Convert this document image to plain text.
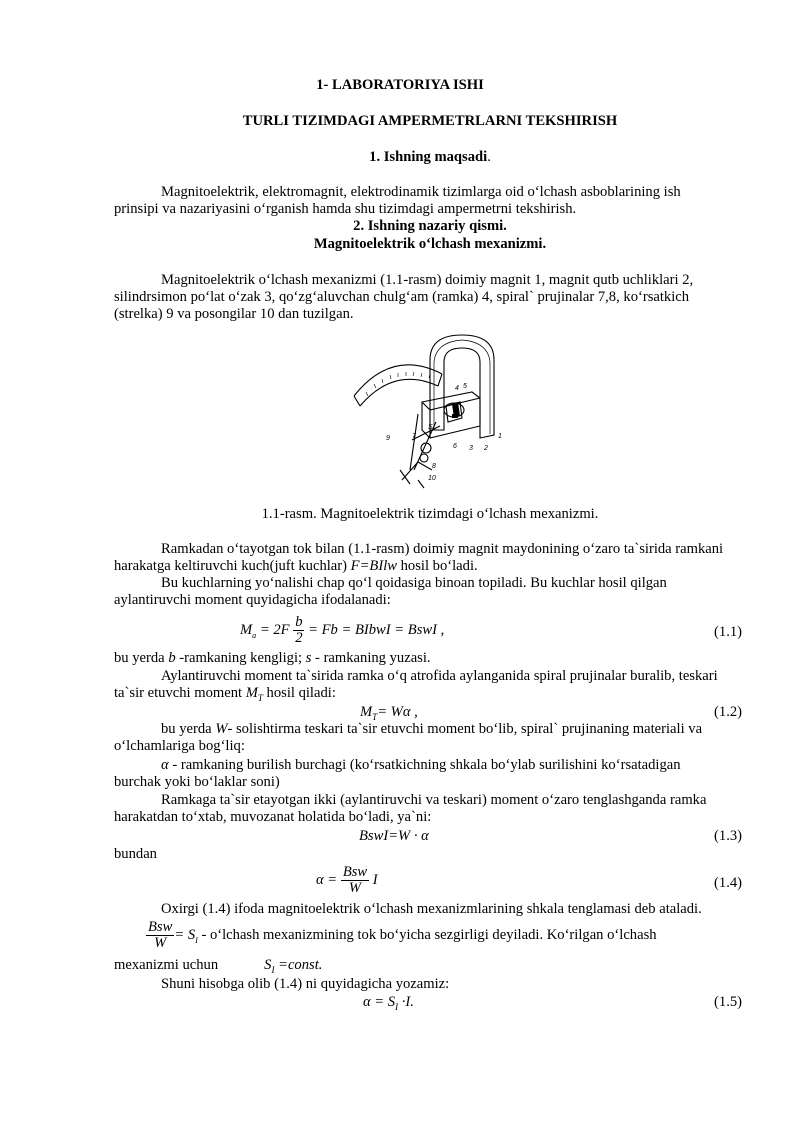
1- LABORATORIYA ISHI
TURLI TIZIMDAGI AMPERMETRLARNI TEKSHIRISH
1. Ishning maqsadi.
Magnitoelektrik, elektromagnit, elektrodinamik tizimlarga oid o‘lchash asboblarining ish
prinsipi va nazariyasini o‘rganish hamda shu tizimdagi ampermetrni tekshirish.
2. Ishning nazariy qismi.
Magnitoelektrik o‘lchash mexanizmi.
Magnitoelektrik o‘lchash mexanizmi (1.1-rasm) doimiy magnit 1, magnit qutb uchliklari 2,
silindrsimon po‘lat o‘zak 3, qo‘zg‘aluvchan chulg‘am (ramka) 4, spiral` prujinalar 7,8, ko‘rsatkich
(strelka) 9 va posongilar 10 dan tuzilgan.
1
2
3
4 5
6
7
8
9
10
S
1.1-rasm. Magnitoelektrik tizimdagi o‘lchash mexanizmi.
Ramkadan o‘tayotgan tok bilan (1.1-rasm) doimiy magnit maydonining o‘zaro ta`sirida ramkani
harakatga keltiruvchi kuch(juft kuchlar) F=BIlw hosil bo‘ladi.
Bu kuchlarning yo‘nalishi chap qo‘l qoidasiga binoan topiladi. Bu kuchlar hosil qilgan
aylantiruvchi moment quyidagicha ifodalanadi:
$M_a = 2F \frac{b}{2} = Fb$ = BIbwI = BswI ,	(1.1)
bu yerda b -ramkaning kengligi; s - ramkaning yuzasi.
Aylantiruvchi moment ta`sirida ramka o‘q atrofida aylanganida spiral prujinalar buralib, teskari
ta`sir etuvchi moment $M_T$ hosil qiladi:
$M_T= W\alpha$ ,	(1.2)
bu yerda W- solishtirma teskari ta`sir etuvchi moment bo‘lib, spiral` prujinaning materiali va
o‘lchamlariga bog‘liq:
α - ramkaning burilish burchagi (ko‘rsatkichning shkala bo‘ylab surilishini ko‘rsatadigan
burchak yoki bo‘laklar soni)
Ramkaga ta`sir etayotgan ikki (aylantiruvchi va teskari) moment o‘zaro tenglashganda ramka
harakatdan to‘xtab, muvozanat holatida bo‘ladi, ya`ni:
BswI=W · α	(1.3)
bundan
$\alpha = \frac{\text{Bsw}}{W}$ I	(1.4)
Oxirgi (1.4) ifoda magnitoelektrik o‘lchash mexanizmlarining shkala tenglamasi deb ataladi.
$\frac{\text{Bsw}}{W} = S_I$ - o‘lchash mexanizmining tok bo‘yicha sezgirligi deyiladi. Ko‘rilgan o‘lchash
mexanizmi uchun	$S_I$ =const.
Shuni hisobga olib (1.4) ni quyidagicha yozamiz:
$\alpha = S_I \cdot I$.	(1.5)
